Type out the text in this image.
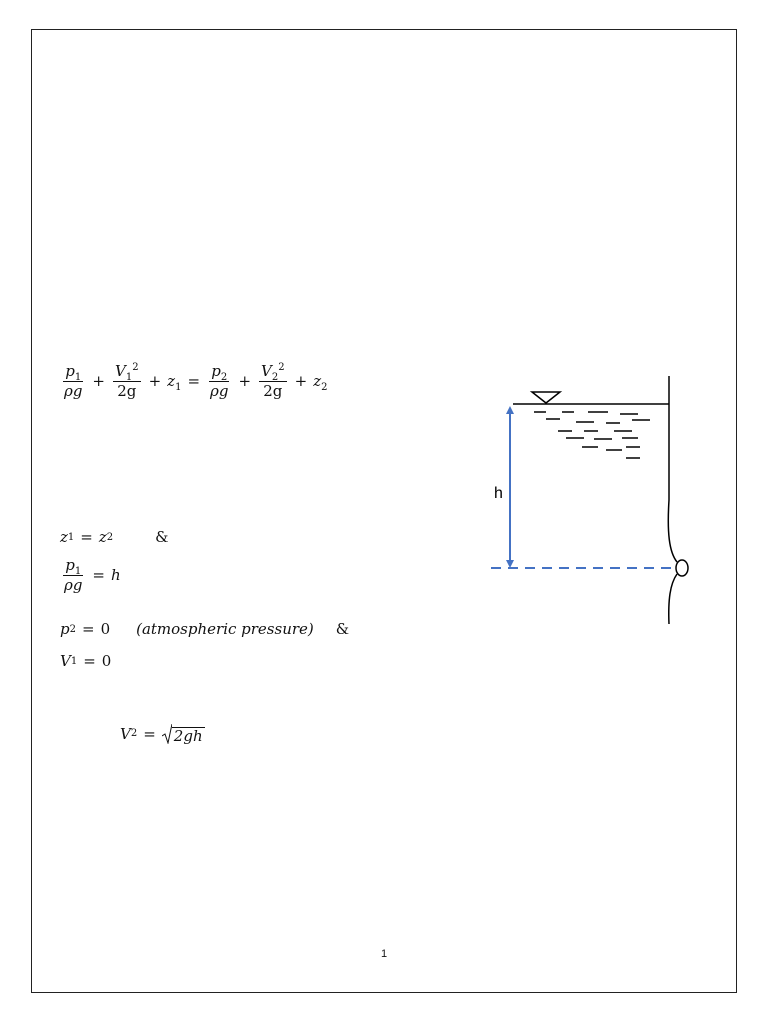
$\frac{p_1}{\rho g} + \frac{V_1^2}{2g} + z_1 = \frac{p_2}{\rho g} + \frac{V_2^2}{2g} + z_2$
z 1 = z 2	&
$\frac{p_1}{\rho g} = h$
p 2 = 0 (atmospheric pressure) &
V 1 = 0
V 2 = 2gh
h
1
